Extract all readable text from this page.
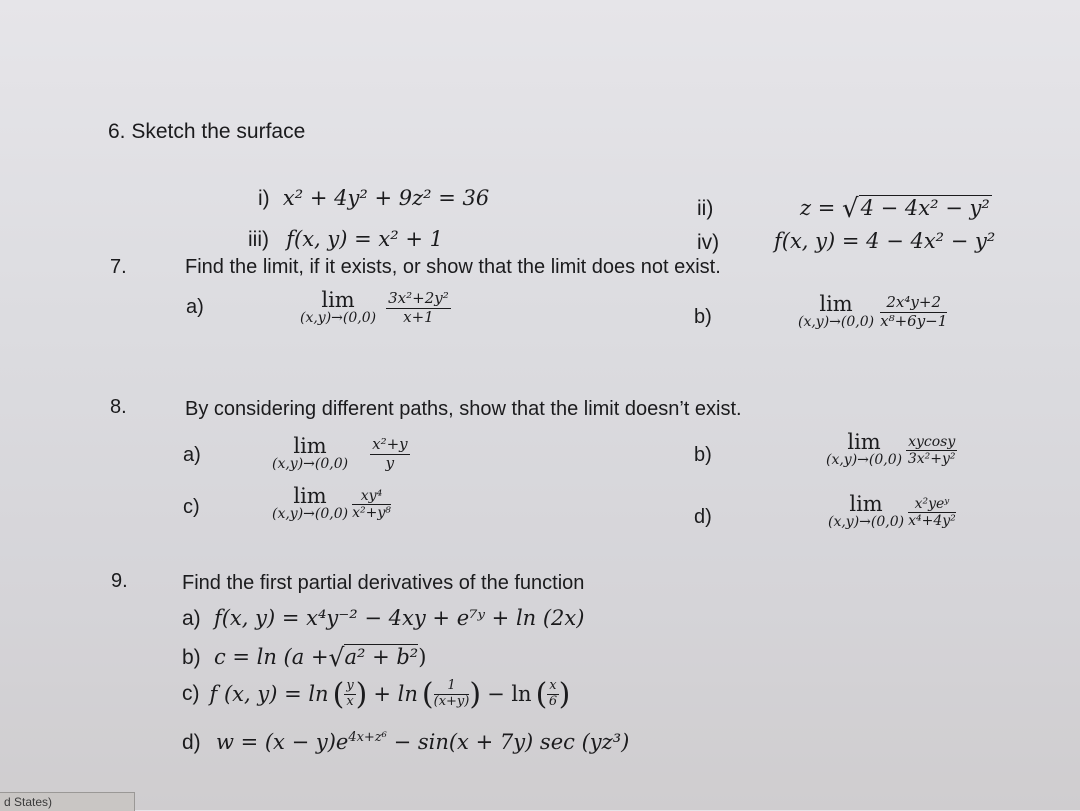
6. Sketch the surface
i) x² + 4y² + 9z² = 36	ii)	z = √4 − 4x² − y²
iii) f(x, y) = x² + 1	iv)	f(x, y) = 4 − 4x² − y²
7.	Find the limit, if it exists, or show that the limit does not exist.
a)	lim
(x,y)→(0,0)
$\frac{\text{3x²+2y²}}{x+1}$	b)
lim
(x,y)→(0,0)
$\frac{\text{2x⁴y+2}}{\text{x⁸+6y−1}}$
8.	By considering different paths, show that the limit doesn’t exist.
a)	lim
(x,y)→(0,0)
$\frac{\text{x²+y}}{y}$	b)
lim
(x,y)→(0,0)
$\frac{xycosy}{\text{3x²+y²}}$
c)	lim
(x,y)→(0,0)
$\frac{\text{xy⁴}}{\text{x²+y⁸}}$	d)
lim
(x,y)→(0,0)
$\frac{\text{x²yeʸ}}{\text{x⁴+4y²}}$
9.	Find the first partial derivatives of the function
a) f(x, y) = x⁴y⁻² − 4xy + e⁷ʸ + ln (2x)
b) c = ln (a +√a² + b²)
c) f (x, y) = ln ( $\frac{y}{x}$ ) + ln ( $\frac{1}{(x+y)}$ ) − ln ( $\frac{x}{6}$ )
d) $w = (x - y)e^{4x+z^6} - \sin(x + 7y)$ sec (yz³)
d States)
